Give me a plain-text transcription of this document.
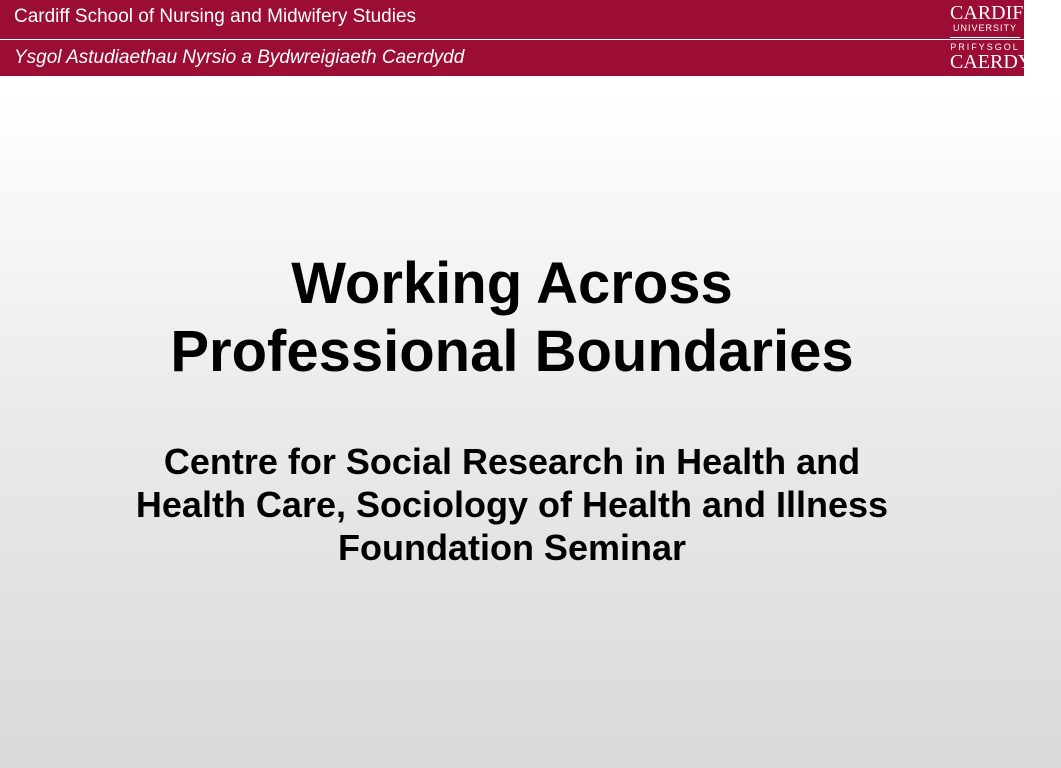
Cardiff School of Nursing and Midwifery Studies
Ysgol Astudiaethau Nyrsio a Bydwreigiaeth Caerdydd
CARDIFF
UNIVERSITY
PRIFYSGOL
CAERDYDD
Working Across
Professional Boundaries
Centre for Social Research in Health and Health Care, Sociology of Health and Illness Foundation Seminar
